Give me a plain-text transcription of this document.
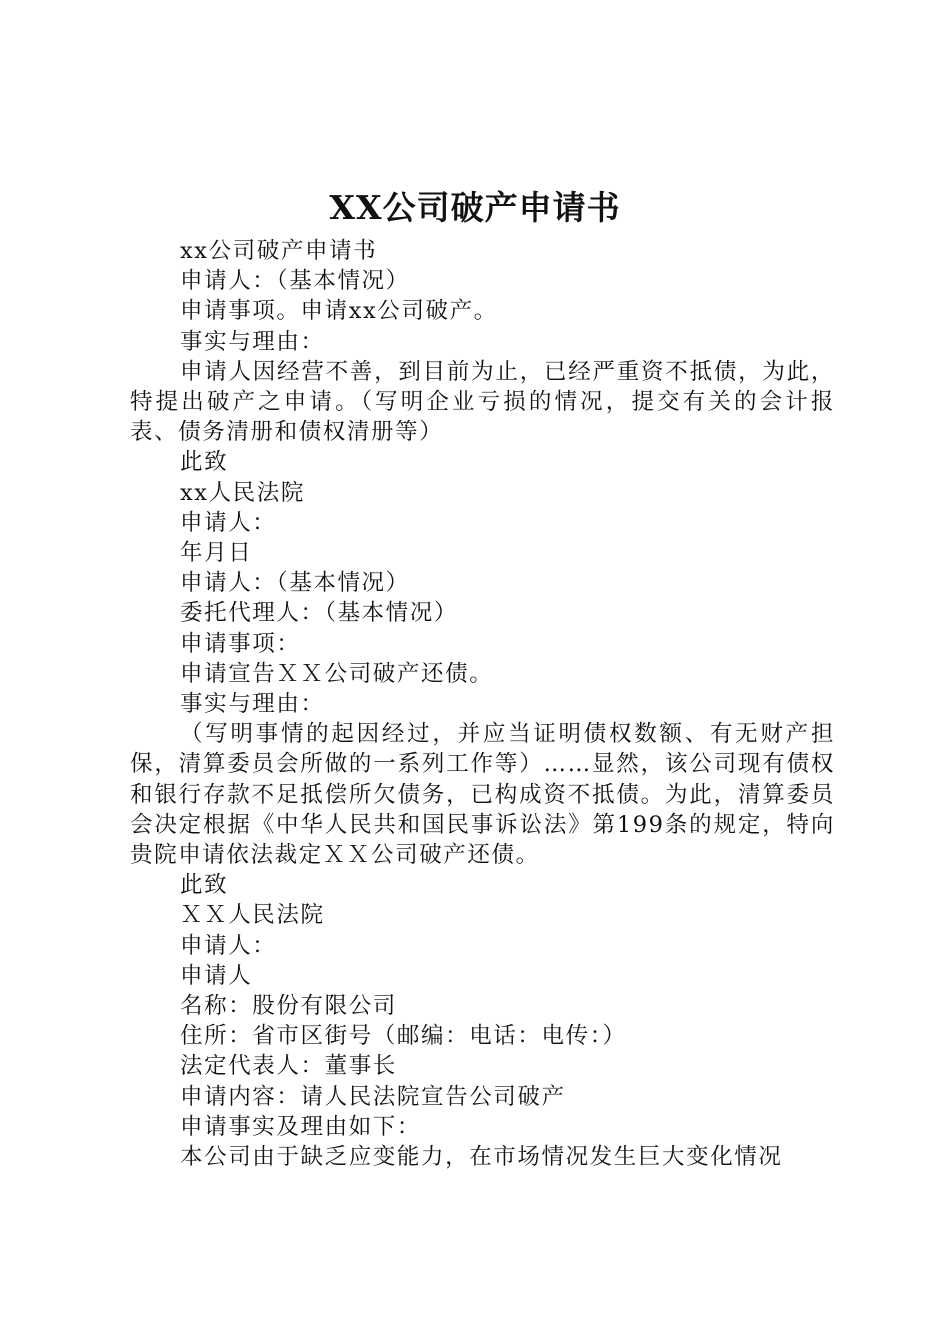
XX公司破产申请书

xx公司破产申请书

申请人：（基本情况）

申请事项。申请xx公司破产。

事实与理由：

申请人因经营不善，到目前为止，已经严重资不抵债，为此，特提出破产之申请。（写明企业亏损的情况，提交有关的会计报表、债务清册和债权清册等）

此致

xx人民法院

申请人：

年月日

申请人：（基本情况）

委托代理人：（基本情况）

申请事项：

申请宣告ＸＸ公司破产还债。

事实与理由：

（写明事情的起因经过，并应当证明债权数额、有无财产担保，清算委员会所做的一系列工作等）……显然，该公司现有债权和银行存款不足抵偿所欠债务，已构成资不抵债。为此，清算委员会决定根据《中华人民共和国民事诉讼法》第199条的规定，特向贵院申请依法裁定ＸＸ公司破产还债。

此致

ＸＸ人民法院

申请人：

申请人

名称：股份有限公司

住所：省市区街号（邮编：电话：电传：）

法定代表人：董事长

申请内容：请人民法院宣告公司破产

申请事实及理由如下：

本公司由于缺乏应变能力，在市场情况发生巨大变化情况
